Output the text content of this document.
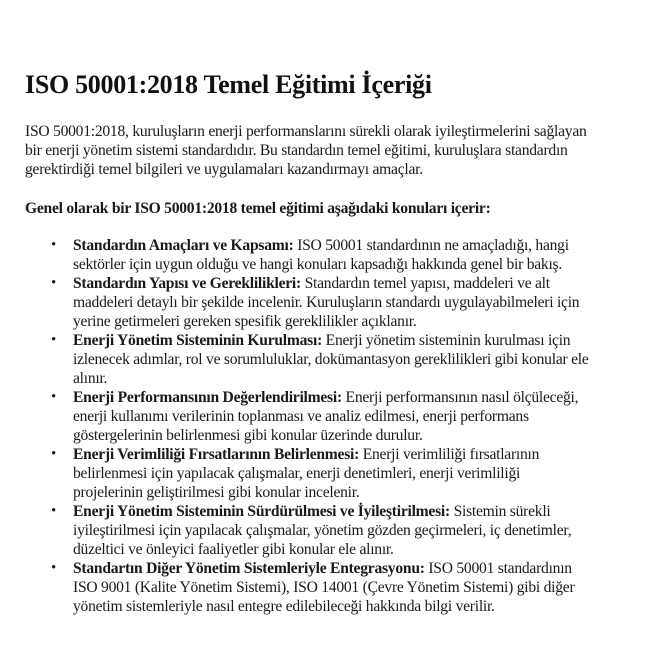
ISO 50001:2018 Temel Eğitimi İçeriği

ISO 50001:2018, kuruluşların enerji performanslarını sürekli olarak iyileştirmelerini sağlayan
bir enerji yönetim sistemi standardıdır. Bu standardın temel eğitimi, kuruluşlara standardın
gerektirdiği temel bilgileri ve uygulamaları kazandırmayı amaçlar.

Genel olarak bir ISO 50001:2018 temel eğitimi aşağıdaki konuları içerir:

• Standardın Amaçları ve Kapsamı: ISO 50001 standardının ne amaçladığı, hangi
sektörler için uygun olduğu ve hangi konuları kapsadığı hakkında genel bir bakış.
• Standardın Yapısı ve Gereklilikleri: Standardın temel yapısı, maddeleri ve alt
maddeleri detaylı bir şekilde incelenir. Kuruluşların standardı uygulayabilmeleri için
yerine getirmeleri gereken spesifik gereklilikler açıklanır.
• Enerji Yönetim Sisteminin Kurulması: Enerji yönetim sisteminin kurulması için
izlenecek adımlar, rol ve sorumluluklar, dokümantasyon gereklilikleri gibi konular ele
alınır.
• Enerji Performansının Değerlendirilmesi: Enerji performansının nasıl ölçüleceği,
enerji kullanımı verilerinin toplanması ve analiz edilmesi, enerji performans
göstergelerinin belirlenmesi gibi konular üzerinde durulur.
• Enerji Verimliliği Fırsatlarının Belirlenmesi: Enerji verimliliği fırsatlarının
belirlenmesi için yapılacak çalışmalar, enerji denetimleri, enerji verimliliği
projelerinin geliştirilmesi gibi konular incelenir.
• Enerji Yönetim Sisteminin Sürdürülmesi ve İyileştirilmesi: Sistemin sürekli
iyileştirilmesi için yapılacak çalışmalar, yönetim gözden geçirmeleri, iç denetimler,
düzeltici ve önleyici faaliyetler gibi konular ele alınır.
• Standartın Diğer Yönetim Sistemleriyle Entegrasyonu: ISO 50001 standardının
ISO 9001 (Kalite Yönetim Sistemi), ISO 14001 (Çevre Yönetim Sistemi) gibi diğer
yönetim sistemleriyle nasıl entegre edilebileceği hakkında bilgi verilir.
